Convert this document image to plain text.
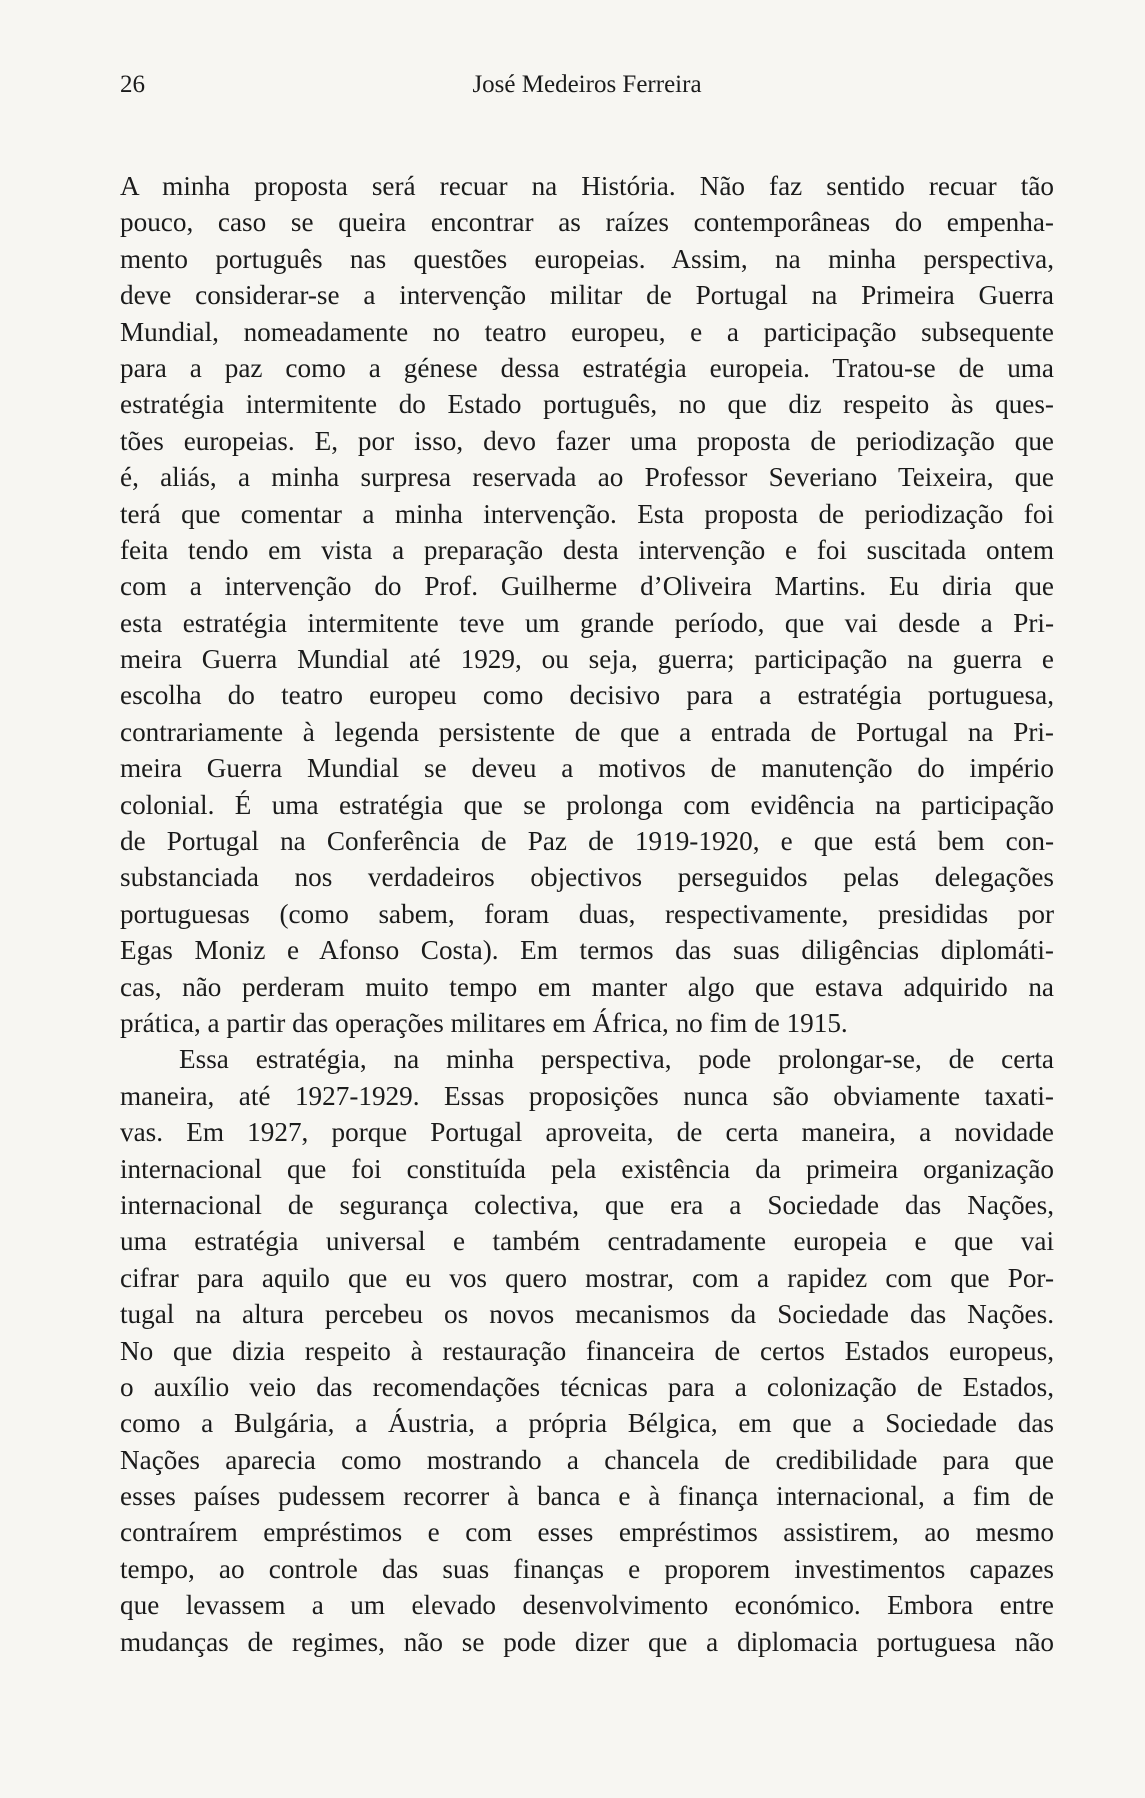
26	José Medeiros Ferreira
A minha proposta será recuar na História. Não faz sentido recuar tão
pouco, caso se queira encontrar as raízes contemporâneas do empenha-
mento português nas questões europeias. Assim, na minha perspectiva,
deve considerar-se a intervenção militar de Portugal na Primeira Guerra
Mundial, nomeadamente no teatro europeu, e a participação subsequente
para a paz como a génese dessa estratégia europeia. Tratou-se de uma
estratégia intermitente do Estado português, no que diz respeito às ques-
tões europeias. E, por isso, devo fazer uma proposta de periodização que
é, aliás, a minha surpresa reservada ao Professor Severiano Teixeira, que
terá que comentar a minha intervenção. Esta proposta de periodização foi
feita tendo em vista a preparação desta intervenção e foi suscitada ontem
com a intervenção do Prof. Guilherme d’Oliveira Martins. Eu diria que
esta estratégia intermitente teve um grande período, que vai desde a Pri-
meira Guerra Mundial até 1929, ou seja, guerra; participação na guerra e
escolha do teatro europeu como decisivo para a estratégia portuguesa,
contrariamente à legenda persistente de que a entrada de Portugal na Pri-
meira Guerra Mundial se deveu a motivos de manutenção do império
colonial. É uma estratégia que se prolonga com evidência na participação
de Portugal na Conferência de Paz de 1919-1920, e que está bem con-
substanciada nos verdadeiros objectivos perseguidos pelas delegações
portuguesas (como sabem, foram duas, respectivamente, presididas por
Egas Moniz e Afonso Costa). Em termos das suas diligências diplomáti-
cas, não perderam muito tempo em manter algo que estava adquirido na
prática, a partir das operações militares em África, no fim de 1915.
Essa estratégia, na minha perspectiva, pode prolongar-se, de certa
maneira, até 1927-1929. Essas proposições nunca são obviamente taxati-
vas. Em 1927, porque Portugal aproveita, de certa maneira, a novidade
internacional que foi constituída pela existência da primeira organização
internacional de segurança colectiva, que era a Sociedade das Nações,
uma estratégia universal e também centradamente europeia e que vai
cifrar para aquilo que eu vos quero mostrar, com a rapidez com que Por-
tugal na altura percebeu os novos mecanismos da Sociedade das Nações.
No que dizia respeito à restauração financeira de certos Estados europeus,
o auxílio veio das recomendações técnicas para a colonização de Estados,
como a Bulgária, a Áustria, a própria Bélgica, em que a Sociedade das
Nações aparecia como mostrando a chancela de credibilidade para que
esses países pudessem recorrer à banca e à finança internacional, a fim de
contraírem empréstimos e com esses empréstimos assistirem, ao mesmo
tempo, ao controle das suas finanças e proporem investimentos capazes
que levassem a um elevado desenvolvimento económico. Embora entre
mudanças de regimes, não se pode dizer que a diplomacia portuguesa não
